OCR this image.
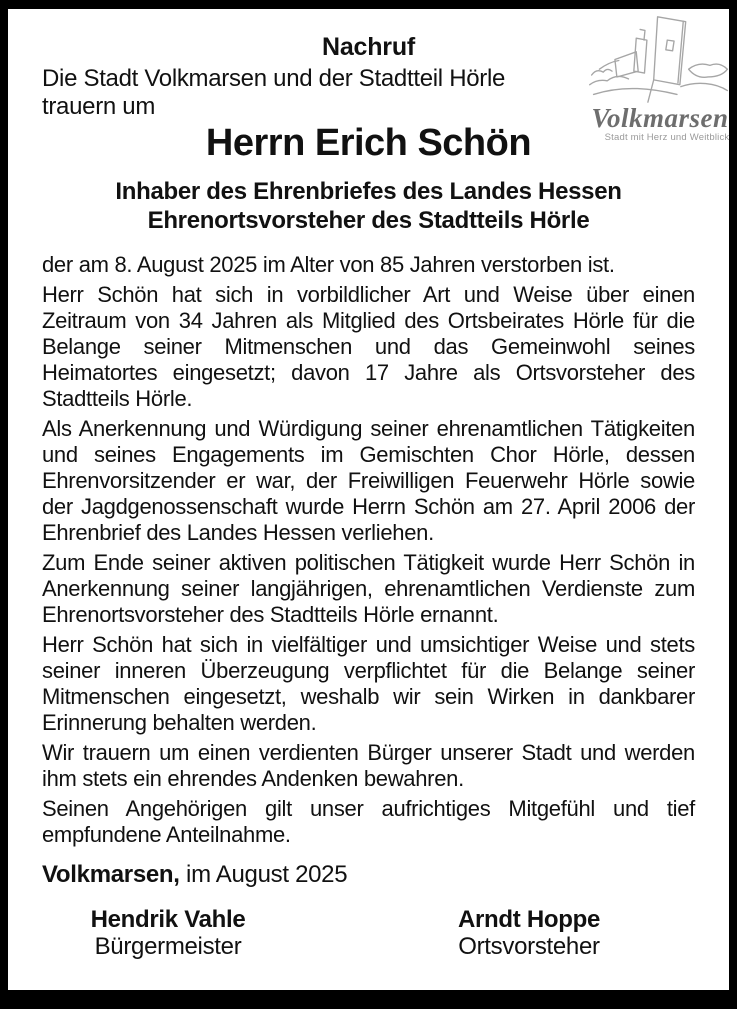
Volkmarsen
Stadt mit Herz und Weitblick
Nachruf
Die Stadt Volkmarsen und der Stadtteil Hörle
trauern um
Herrn Erich Schön
Inhaber des Ehrenbriefes des Landes Hessen
Ehrenortsvorsteher des Stadtteils Hörle

der am 8. August 2025 im Alter von 85 Jahren verstorben ist.

Herr Schön hat sich in vorbildlicher Art und Weise über einen Zeitraum von 34 Jahren als Mitglied des Ortsbeirates Hörle für die Belange seiner Mitmenschen und das Gemeinwohl seines Heimatortes eingesetzt; davon 17 Jahre als Ortsvorsteher des Stadtteils Hörle.

Als Anerkennung und Würdigung seiner ehrenamtlichen Tätigkeiten und seines Engagements im Gemischten Chor Hörle, dessen Ehrenvorsitzender er war, der Freiwilligen Feuerwehr Hörle sowie der Jagdgenossenschaft wurde Herrn Schön am 27. April 2006 der Ehrenbrief des Landes Hessen verliehen.

Zum Ende seiner aktiven politischen Tätigkeit wurde Herr Schön in Anerkennung seiner langjährigen, ehrenamtlichen Verdienste zum Ehrenortsvorsteher des Stadtteils Hörle ernannt.

Herr Schön hat sich in vielfältiger und umsichtiger Weise und stets seiner inneren Überzeugung verpflichtet für die Belange seiner Mitmenschen eingesetzt, weshalb wir sein Wirken in dankbarer Erinnerung behalten werden.

Wir trauern um einen verdienten Bürger unserer Stadt und werden ihm stets ein ehrendes Andenken bewahren.

Seinen Angehörigen gilt unser aufrichtiges Mitgefühl und tief empfundene Anteilnahme.

Volkmarsen, im August 2025

Hendrik Vahle
Bürgermeister
Arndt Hoppe
Ortsvorsteher
